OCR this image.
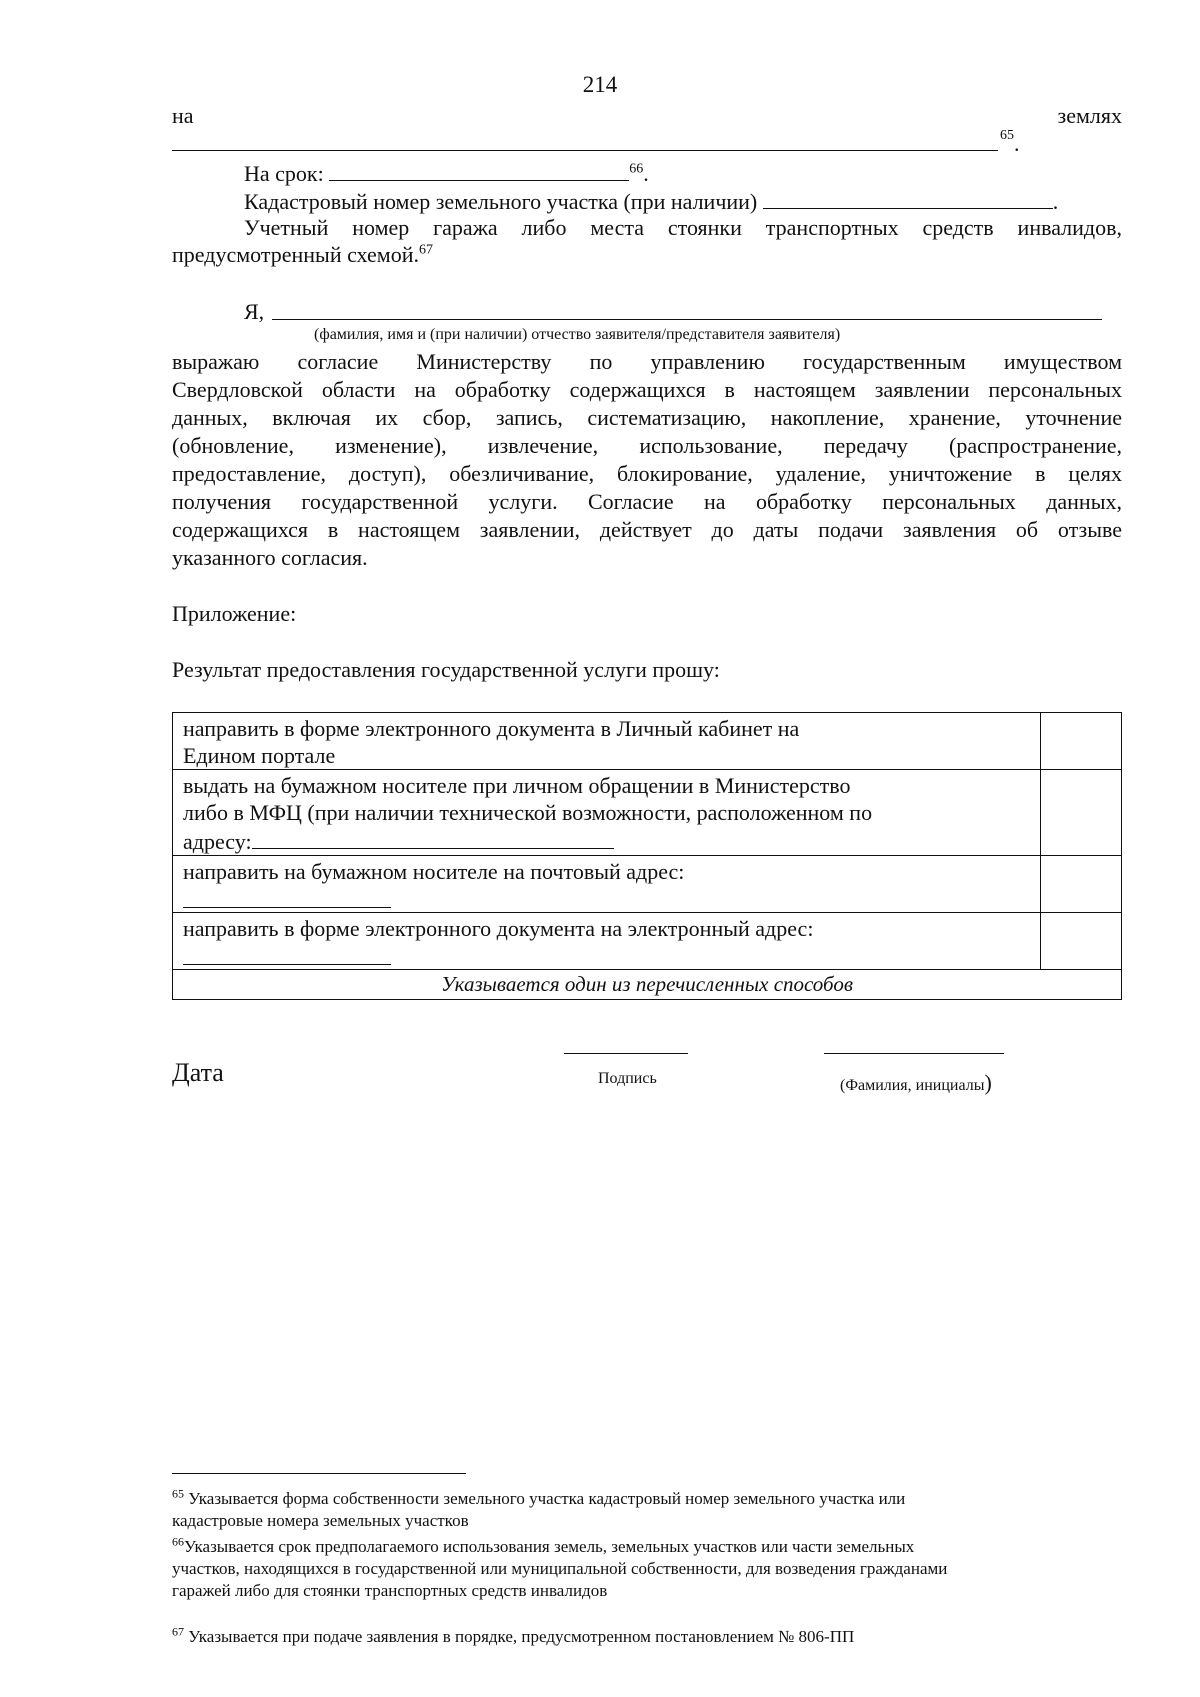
214
на	землях
65 .
На срок:	$^{66}$.
Кадастровый номер земельного участка (при наличии)	.
Учетный номер гаража либо места стоянки транспортных средств инвалидов,
предусмотренный схемой.$^{67}$
Я,
(фамилия, имя и (при наличии) отчество заявителя/представителя заявителя)
выражаю согласие Министерству по управлению государственным имуществом
Свердловской области на обработку содержащихся в настоящем заявлении персональных
данных, включая их сбор, запись, систематизацию, накопление, хранение, уточнение
(обновление, изменение), извлечение, использование, передачу (распространение,
предоставление, доступ), обезличивание, блокирование, удаление, уничтожение в целях
получения государственной услуги. Согласие на обработку персональных данных,
содержащихся в настоящем заявлении, действует до даты подачи заявления об отзыве
указанного согласия.
Приложение:
Результат предоставления государственной услуги прошу:
направить в форме электронного документа в Личный кабинет на
Едином портале	

выдать на бумажном носителе при личном обращении в Министерство
либо в МФЦ (при наличии технической возможности, расположенном по
адресу:	

направить на бумажном носителе на почтовый адрес:	

направить в форме электронного документа на электронный адрес:	

Указывается один из перечисленных способов	
Дата	Подпись	(Фамилия, инициалы)
$^{65}$ Указывается форма собственности земельного участка кадастровый номер земельного участка или
кадастровые номера земельных участков
$^{66}$Указывается срок предполагаемого использования земель, земельных участков или части земельных
участков, находящихся в государственной или муниципальной собственности, для возведения гражданами
гаражей либо для стоянки транспортных средств инвалидов
$^{67}$ Указывается при подаче заявления в порядке, предусмотренном постановлением № 806-ПП
